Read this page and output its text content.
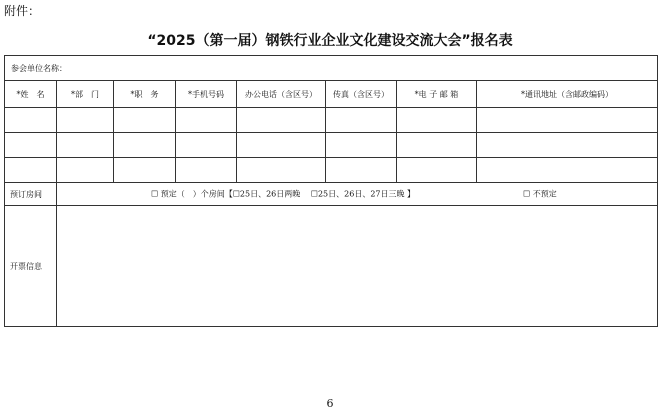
附件：
“2025（第一届）钢铁行业企业文化建设交流大会”报名表
参会单位名称：							
*姓　名	*部　门	*职　务	*手机号码	办公电话（含区号）	传真（含区号）	*电 子 邮 箱	*通讯地址（含邮政编码）

预订房间	☐ 预定（　）个房间【☐25日、26日两晚　 ☐25日、26日、27日三晚 】 ☐ 不预定						

开票信息							
6
